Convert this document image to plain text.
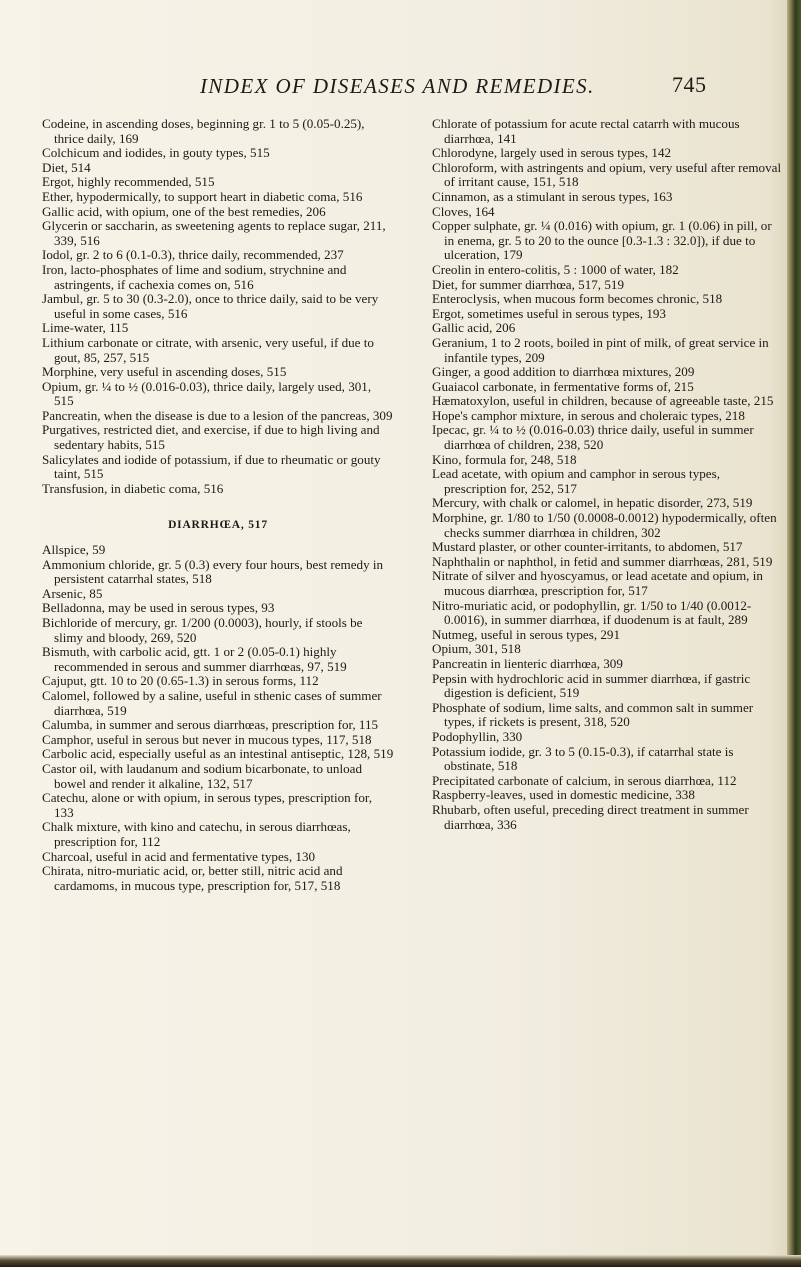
INDEX OF DISEASES AND REMEDIES.	745

Codeine, in ascending doses, beginning gr. 1 to 5 (0.05-0.25), thrice daily, 169

Colchicum and iodides, in gouty types, 515

Diet, 514

Ergot, highly recommended, 515

Ether, hypodermically, to support heart in diabetic coma, 516

Gallic acid, with opium, one of the best remedies, 206

Glycerin or saccharin, as sweetening agents to replace sugar, 211, 339, 516

Iodol, gr. 2 to 6 (0.1-0.3), thrice daily, recommended, 237

Iron, lacto-phosphates of lime and sodium, strychnine and astringents, if cachexia comes on, 516

Jambul, gr. 5 to 30 (0.3-2.0), once to thrice daily, said to be very useful in some cases, 516

Lime-water, 115

Lithium carbonate or citrate, with arsenic, very useful, if due to gout, 85, 257, 515

Morphine, very useful in ascending doses, 515

Opium, gr. ¼ to ½ (0.016-0.03), thrice daily, largely used, 301, 515

Pancreatin, when the disease is due to a lesion of the pancreas, 309

Purgatives, restricted diet, and exercise, if due to high living and sedentary habits, 515

Salicylates and iodide of potassium, if due to rheumatic or gouty taint, 515

Transfusion, in diabetic coma, 516

DIARRHŒA, 517

Allspice, 59

Ammonium chloride, gr. 5 (0.3) every four hours, best remedy in persistent catarrhal states, 518

Arsenic, 85

Belladonna, may be used in serous types, 93

Bichloride of mercury, gr. 1/200 (0.0003), hourly, if stools be slimy and bloody, 269, 520

Bismuth, with carbolic acid, gtt. 1 or 2 (0.05-0.1) highly recommended in serous and summer diarrhœas, 97, 519

Cajuput, gtt. 10 to 20 (0.65-1.3) in serous forms, 112

Calomel, followed by a saline, useful in sthenic cases of summer diarrhœa, 519

Calumba, in summer and serous diarrhœas, prescription for, 115

Camphor, useful in serous but never in mucous types, 117, 518

Carbolic acid, especially useful as an intestinal antiseptic, 128, 519

Castor oil, with laudanum and sodium bicarbonate, to unload bowel and render it alkaline, 132, 517

Catechu, alone or with opium, in serous types, prescription for, 133

Chalk mixture, with kino and catechu, in serous diarrhœas, prescription for, 112

Charcoal, useful in acid and fermentative types, 130

Chirata, nitro-muriatic acid, or, better still, nitric acid and cardamoms, in mucous type, prescription for, 517, 518

Chlorate of potassium for acute rectal catarrh with mucous diarrhœa, 141

Chlorodyne, largely used in serous types, 142

Chloroform, with astringents and opium, very useful after removal of irritant cause, 151, 518

Cinnamon, as a stimulant in serous types, 163

Cloves, 164

Copper sulphate, gr. ¼ (0.016) with opium, gr. 1 (0.06) in pill, or in enema, gr. 5 to 20 to the ounce [0.3-1.3 : 32.0]), if due to ulceration, 179

Creolin in entero-colitis, 5 : 1000 of water, 182

Diet, for summer diarrhœa, 517, 519

Enteroclysis, when mucous form becomes chronic, 518

Ergot, sometimes useful in serous types, 193

Gallic acid, 206

Geranium, 1 to 2 roots, boiled in pint of milk, of great service in infantile types, 209

Ginger, a good addition to diarrhœa mixtures, 209

Guaiacol carbonate, in fermentative forms of, 215

Hæmatoxylon, useful in children, because of agreeable taste, 215

Hope's camphor mixture, in serous and choleraic types, 218

Ipecac, gr. ¼ to ½ (0.016-0.03) thrice daily, useful in summer diarrhœa of children, 238, 520

Kino, formula for, 248, 518

Lead acetate, with opium and camphor in serous types, prescription for, 252, 517

Mercury, with chalk or calomel, in hepatic disorder, 273, 519

Morphine, gr. 1/80 to 1/50 (0.0008-0.0012) hypodermically, often checks summer diarrhœa in children, 302

Mustard plaster, or other counter-irritants, to abdomen, 517

Naphthalin or naphthol, in fetid and summer diarrhœas, 281, 519

Nitrate of silver and hyoscyamus, or lead acetate and opium, in mucous diarrhœa, prescription for, 517

Nitro-muriatic acid, or podophyllin, gr. 1/50 to 1/40 (0.0012-0.0016), in summer diarrhœa, if duodenum is at fault, 289

Nutmeg, useful in serous types, 291

Opium, 301, 518

Pancreatin in lienteric diarrhœa, 309

Pepsin with hydrochloric acid in summer diarrhœa, if gastric digestion is deficient, 519

Phosphate of sodium, lime salts, and common salt in summer types, if rickets is present, 318, 520

Podophyllin, 330

Potassium iodide, gr. 3 to 5 (0.15-0.3), if catarrhal state is obstinate, 518

Precipitated carbonate of calcium, in serous diarrhœa, 112

Raspberry-leaves, used in domestic medicine, 338

Rhubarb, often useful, preceding direct treatment in summer diarrhœa, 336
